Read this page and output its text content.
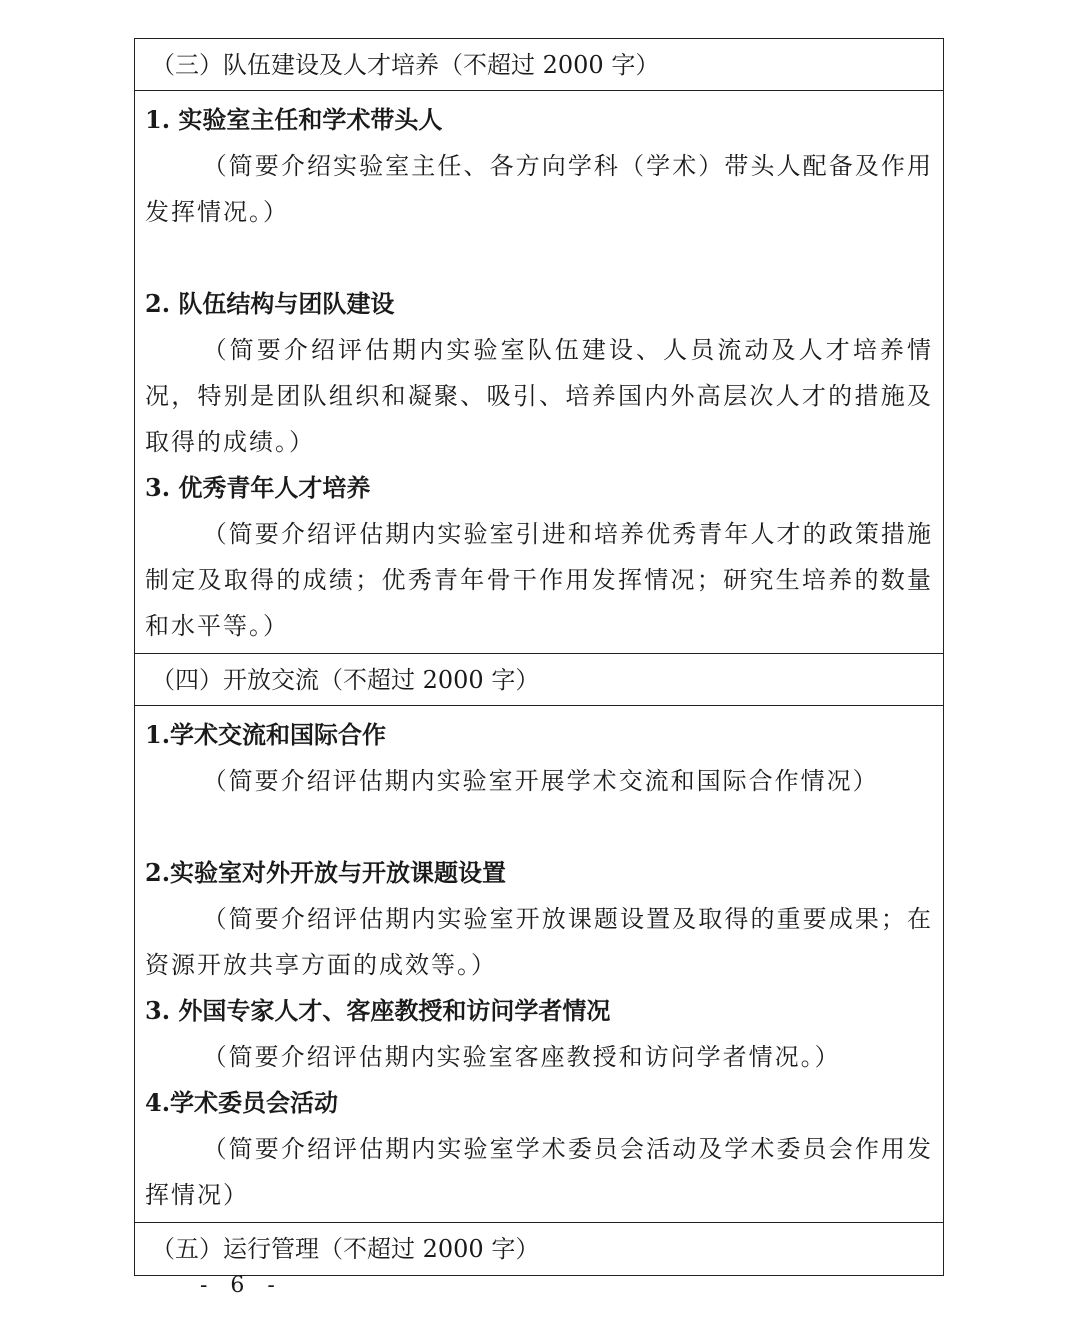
（三）队伍建设及人才培养（不超过 2000 字）

1. 实验室主任和学术带头人

（简要介绍实验室主任、各方向学科（学术）带头人配备及作用发挥情况。）

2. 队伍结构与团队建设

（简要介绍评估期内实验室队伍建设、人员流动及人才培养情况，特别是团队组织和凝聚、吸引、培养国内外高层次人才的措施及取得的成绩。）

3. 优秀青年人才培养

（简要介绍评估期内实验室引进和培养优秀青年人才的政策措施制定及取得的成绩；优秀青年骨干作用发挥情况；研究生培养的数量和水平等。）

（四）开放交流（不超过 2000 字）

1.学术交流和国际合作

（简要介绍评估期内实验室开展学术交流和国际合作情况）

2.实验室对外开放与开放课题设置

（简要介绍评估期内实验室开放课题设置及取得的重要成果；在资源开放共享方面的成效等。）

3. 外国专家人才、客座教授和访问学者情况

（简要介绍评估期内实验室客座教授和访问学者情况。）

4.学术委员会活动

（简要介绍评估期内实验室学术委员会活动及学术委员会作用发挥情况）

（五）运行管理（不超过 2000 字）
- 6 -
